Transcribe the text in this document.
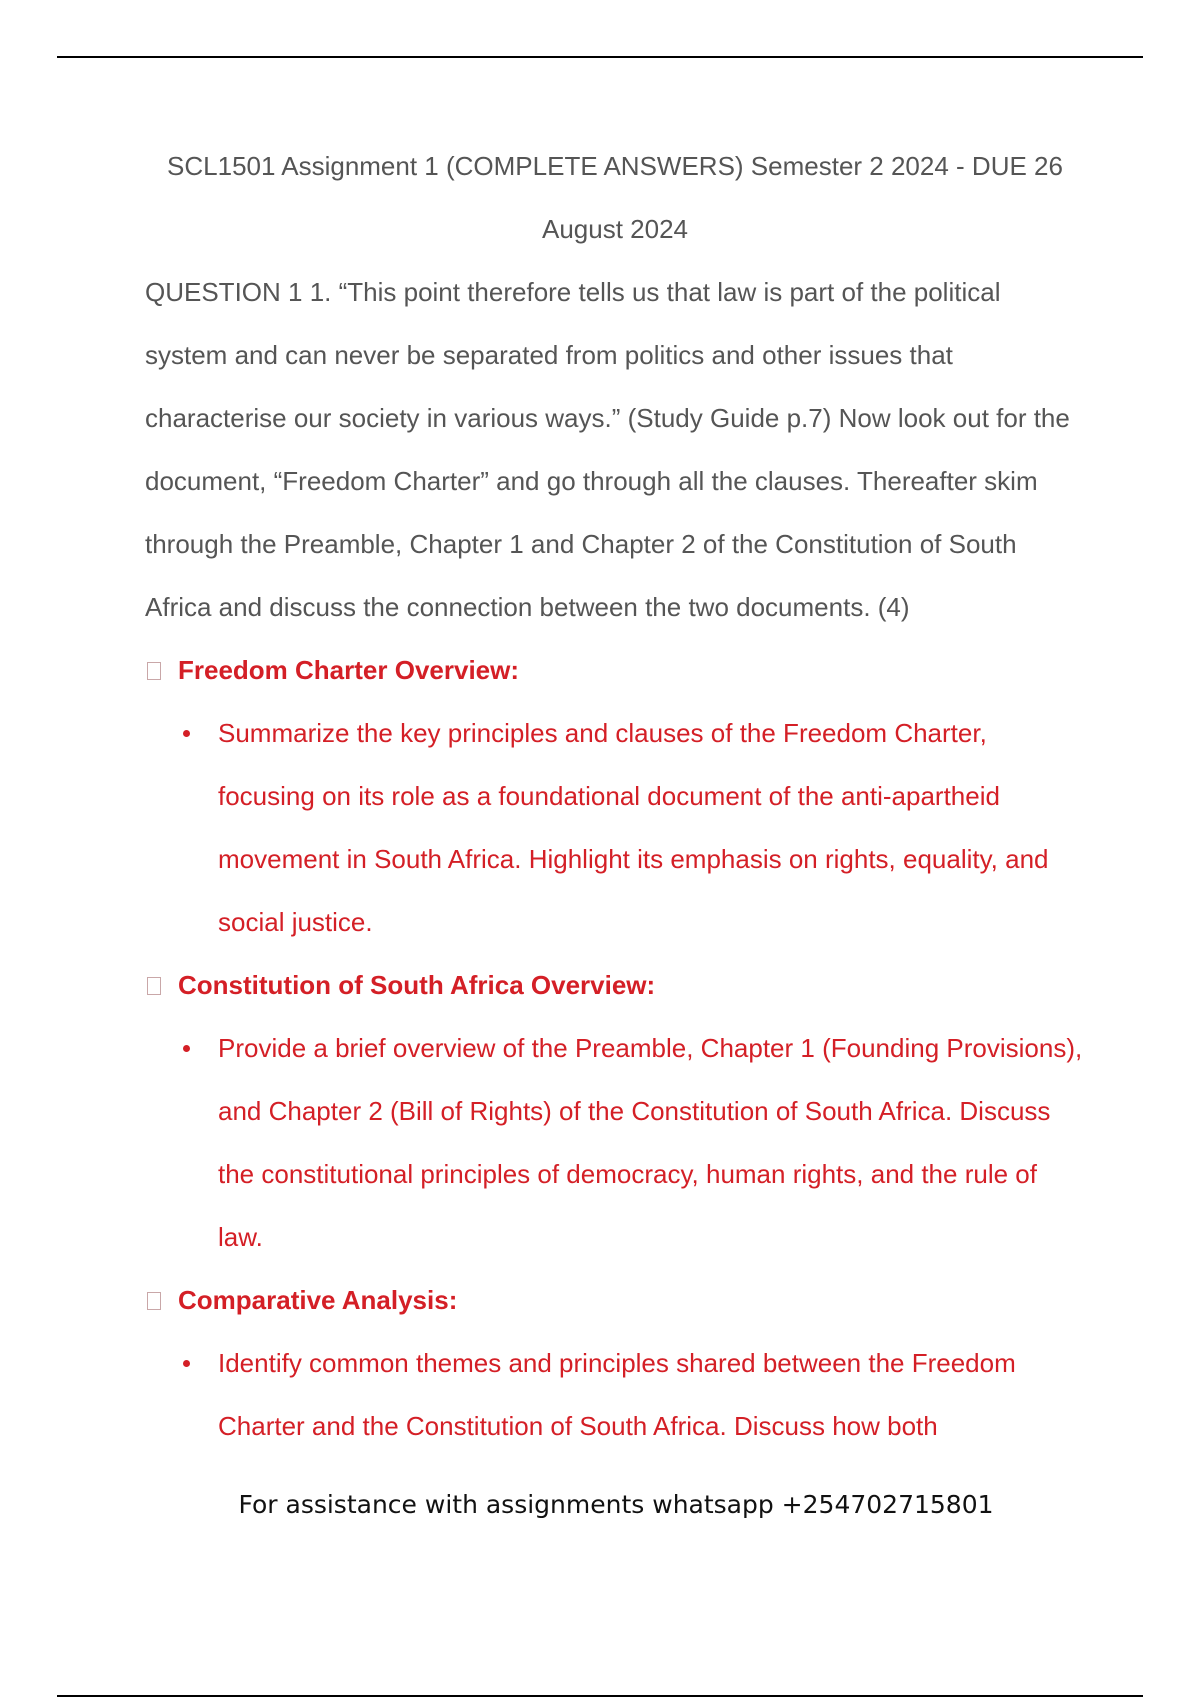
SCL1501 Assignment 1 (COMPLETE ANSWERS) Semester 2 2024 - DUE 26 August 2024

QUESTION 1 1. “This point therefore tells us that law is part of the political system and can never be separated from politics and other issues that characterise our society in various ways.” (Study Guide p.7) Now look out for the document, “Freedom Charter” and go through all the clauses. Thereafter skim through the Preamble, Chapter 1 and Chapter 2 of the Constitution of South Africa and discuss the connection between the two documents. (4)

Freedom Charter Overview:

Summarize the key principles and clauses of the Freedom Charter, focusing on its role as a foundational document of the anti-apartheid movement in South Africa. Highlight its emphasis on rights, equality, and social justice.

Constitution of South Africa Overview:

Provide a brief overview of the Preamble, Chapter 1 (Founding Provisions), and Chapter 2 (Bill of Rights) of the Constitution of South Africa. Discuss the constitutional principles of democracy, human rights, and the rule of law.

Comparative Analysis:

Identify common themes and principles shared between the Freedom Charter and the Constitution of South Africa. Discuss how both

For assistance with assignments whatsapp +254702715801
